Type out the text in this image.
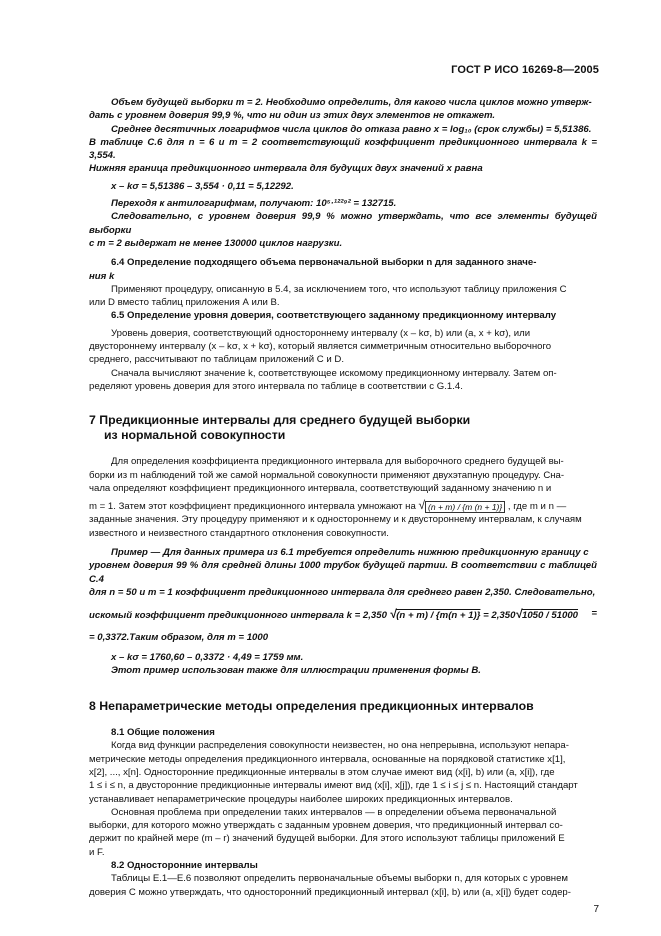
ГОСТ Р ИСО 16269-8—2005

Объем будущей выборки m = 2. Необходимо определить, для какого числа циклов можно утверж-

дать с уровнем доверия 99,9 %, что ни один из этих двух элементов не откажет.

Среднее десятичных логарифмов числа циклов до отказа равно x = log₁₀ (срок службы) = 5,51386.

В таблице С.6 для n = 6 и m = 2 соответствующий коэффициент предикционного интервала k = 3,554.

Нижняя граница предикционного интервала для будущих двух значений x равна

x – kσ = 5,51386 – 3,554 · 0,11 = 5,12292.

Переходя к антилогарифмам, получают: 10⁵·¹²²⁹² = 132715.

Следовательно, с уровнем доверия 99,9 % можно утверждать, что все элементы будущей выборки

с m = 2 выдержат не менее 130000 циклов нагрузки.

6.4 Определение подходящего объема первоначальной выборки n для заданного значе-

ния k

Применяют процедуру, описанную в 5.4, за исключением того, что используют таблицу приложения С

или D вместо таблиц приложения А или В.

6.5 Определение уровня доверия, соответствующего заданному предикционному интервалу

Уровень доверия, соответствующий одностороннему интервалу (x – kσ, b) или (a, x + kσ), или

двустороннему интервалу (x – kσ, x + kσ), который является симметричным относительно выборочного

среднего, рассчитывают по таблицам приложений С и D.

Сначала вычисляют значение k, соответствующее искомому предикционному интервалу. Затем оп-

ределяют уровень доверия для этого интервала по таблице в соответствии с G.1.4.

7 Предикционные интервалы для среднего будущей выборки
из нормальной совокупности

Для определения коэффициента предикционного интервала для выборочного среднего будущей вы-

борки из m наблюдений той же самой нормальной совокупности применяют двухэтапную процедуру. Сна-

чала определяют коэффициент предикционного интервала, соответствующий заданному значению n и

m = 1. Затем этот коэффициент предикционного интервала умножают на √ (n + m) / {m (n + 1)} , где m и n —

заданные значения. Эту процедуру применяют и к одностороннему и к двустороннему интервалам, к случаям

известного и неизвестного стандартного отклонения совокупности.

Пример — Для данных примера из 6.1 требуется определить нижнюю предикционную границу с

уровнем доверия 99 % для средней длины 1000 трубок будущей партии. В соответствии с таблицей С.4

для n = 50 и m = 1 коэффициент предикционного интервала для среднего равен 2,350. Следовательно,

искомый коэффициент предикционного интервала k = 2,350 √(n + m) / {m(n + 1)} = 2,350√1050 / 51000 =

= 0,3372.Таким образом, для m = 1000

x – kσ = 1760,60 – 0,3372 · 4,49 = 1759 мм.

Этот пример использован также для иллюстрации применения формы В.

8 Непараметрические методы определения предикционных интервалов

8.1 Общие положения

Когда вид функции распределения совокупности неизвестен, но она непрерывна, используют непара-

метрические методы определения предикционного интервала, основанные на порядковой статистике x[1],

x[2], ..., x[n]. Односторонние предикционные интервалы в этом случае имеют вид (x[i], b) или (a, x[i]), где

1 ≤ i ≤ n, а двусторонние предикционные интервалы имеют вид (x[i], x[j]), где 1 ≤ i ≤ j ≤ n. Настоящий стандарт

устанавливает непараметрические процедуры наиболее широких предикционных интервалов.

Основная проблема при определении таких интервалов — в определении объема первоначальной

выборки, для которого можно утверждать с заданным уровнем доверия, что предикционный интервал со-

держит по крайней мере (m – r) значений будущей выборки. Для этого используют таблицы приложений Е

и F.

8.2 Односторонние интервалы

Таблицы Е.1—Е.6 позволяют определить первоначальные объемы выборки n, для которых с уровнем

доверия С можно утверждать, что односторонний предикционный интервал (x[i], b) или (a, x[i]) будет содер-

7
